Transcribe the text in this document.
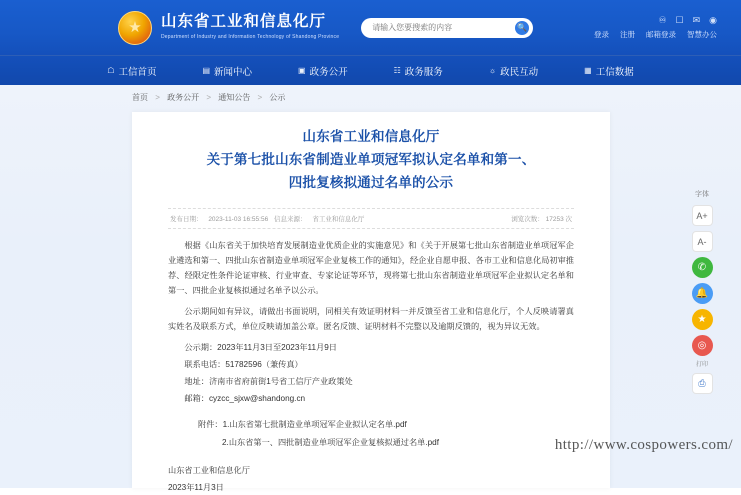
★
山东省工业和信息化厅
Department of Industry and Information Technology of Shandong Province
请输入您要搜索的内容
🔍
♾ ☐ ✉ ◉
登录 注册 邮箱登录 智慧办公
☖ 工信首页	▤ 新闻中心	▣ 政务公开	☷ 政务服务	☼ 政民互动	▦ 工信数据
首页 > 政务公开 > 通知公告 > 公示
山东省工业和信息化厅
关于第七批山东省制造业单项冠军拟认定名单和第一、
四批复核拟通过名单的公示
发布日期： 2023-11-03 16:55:56 信息来源： 省工业和信息化厅	浏览次数： 17253 次

根据《山东省关于加快培育发展制造业优质企业的实施意见》和《关于开展第七批山东省制造业单项冠军企业遴选和第一、四批山东省制造业单项冠军企业复核工作的通知》，经企业自愿申报、各市工业和信息化局初审推荐、经限定性条件论证审核、行业审查、专家论证等环节，现将第七批山东省制造业单项冠军企业拟认定名单和第一、四批企业复核拟通过名单予以公示。

公示期间如有异议，请做出书面说明，同相关有效证明材料一并反馈至省工业和信息化厅，个人反映请署真实姓名及联系方式，单位反映请加盖公章。匿名反馈、证明材料不完整以及逾期反馈的，视为异议无效。

公示期：2023年11月3日至2023年11月9日

联系电话：51782596（兼传真）

地址：济南市省府前街1号省工信厅产业政策处

邮箱：cyzcc_sjxw@shandong.cn

附件：1.山东省第七批制造业单项冠军企业拟认定名单.pdf

2.山东省第一、四批制造业单项冠军企业复核拟通过名单.pdf

山东省工业和信息化厅

2023年11月3日

字体
A+
A-
✆
🔔
★
◎
打印
⎙
http://www.cospowers.com/
